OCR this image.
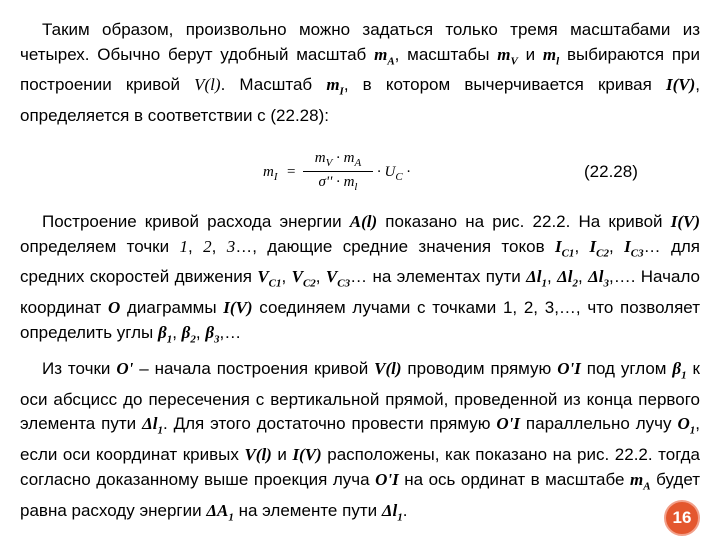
Таким образом, произвольно можно задаться только тремя масштабами из четырех. Обычно берут удобный масштаб $m_A$, масштабы $m_V$ и $m_l$ выбираются при построении кривой V(l). Масштаб $m_I$, в котором вычерчивается кривая I(V), определяется в соответствии с (22.28):
$m_I$ =
$m_V \cdot m_A$
$\sigma'' \cdot m_l$
· $U_C$ ·	(22.28)
Построение кривой расхода энергии A(l) показано на рис. 22.2. На кривой I(V) определяем точки 1, 2, 3…, дающие средние значения токов $I_{C1}$, $I_{C2}$, $I_{C3}\dots$ для средних скоростей движения $V_{C1}$, $V_{C2}$, $V_{C3}\dots$ на элементах пути $\Delta l_1$, $\Delta l_2$, $\Delta l_3,\dots$. Начало координат O диаграммы I(V) соединяем лучами с точками 1, 2, 3,…, что позволяет определить углы $\beta_1$, $\beta_2$, $\beta_3,\dots$
Из точки O' – начала построения кривой V(l) проводим прямую O'I под углом $\beta_1$ к оси абсцисс до пересечения с вертикальной прямой, проведенной из конца первого элемента пути $\Delta l_1$. Для этого достаточно провести прямую O'I параллельно лучу $O_1$, если оси координат кривых V(l) и I(V) расположены, как показано на рис. 22.2. тогда согласно доказанному выше проекция луча O'I на ось ординат в масштабе $m_A$ будет равна расходу энергии $\Delta A_1$ на элементе пути $\Delta l_1$.	16
